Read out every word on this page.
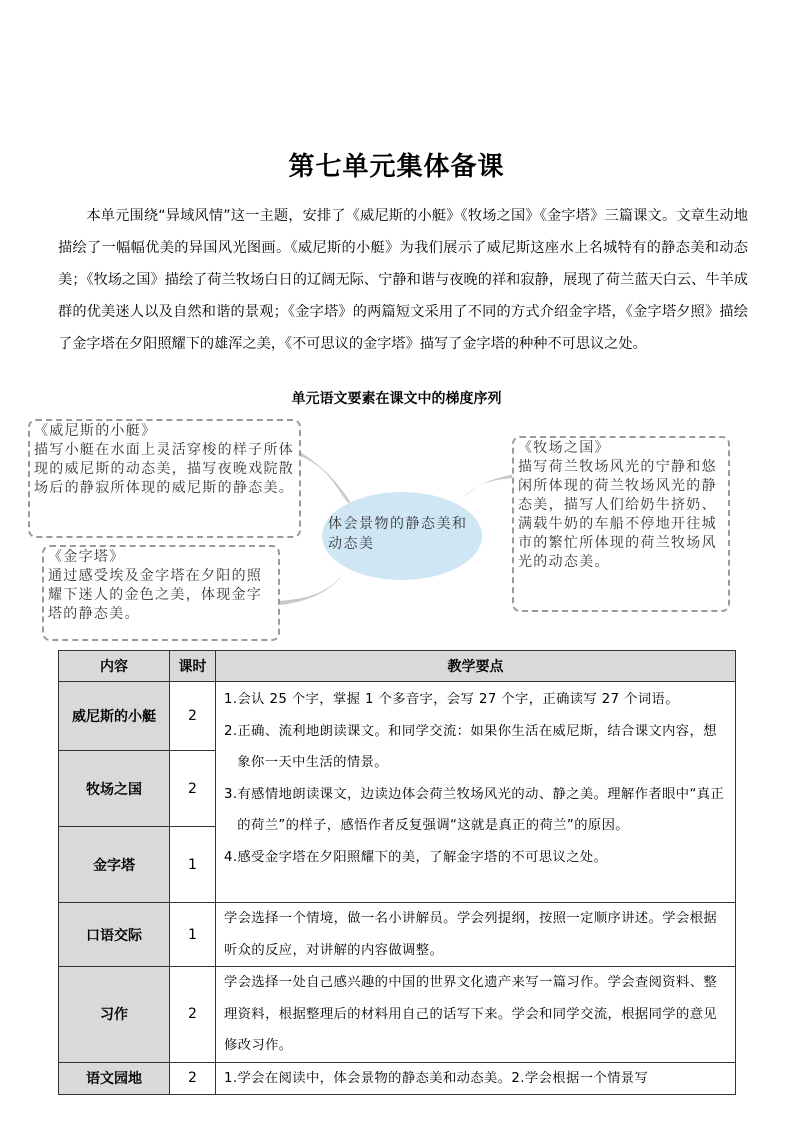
第七单元集体备课
本单元围绕“异域风情”这一主题，安排了《威尼斯的小艇》《牧场之国》《金字塔》三篇课文。文章生动地描绘了一幅幅优美的异国风光图画。《威尼斯的小艇》为我们展示了威尼斯这座水上名城特有的静态美和动态美；《牧场之国》描绘了荷兰牧场白日的辽阔无际、宁静和谐与夜晚的祥和寂静，展现了荷兰蓝天白云、牛羊成群的优美迷人以及自然和谐的景观；《金字塔》的两篇短文采用了不同的方式介绍金字塔，《金字塔夕照》描绘了金字塔在夕阳照耀下的雄浑之美，《不可思议的金字塔》描写了金字塔的种种不可思议之处。
单元语文要素在课文中的梯度序列
《威尼斯的小艇》
描写小艇在水面上灵活穿梭的样子所体现的威尼斯的动态美，描写夜晚戏院散场后的静寂所体现的威尼斯的静态美。
《牧场之国》
描写荷兰牧场风光的宁静和悠闲所体现的荷兰牧场风光的静态美，描写人们给奶牛挤奶、满载牛奶的车船不停地开往城市的繁忙所体现的荷兰牧场风光的动态美。
《金字塔》
通过感受埃及金字塔在夕阳的照耀下迷人的金色之美，体现金字塔的静态美。
体会景物的静态美和动态美
内容	课时	教学要点
威尼斯的小艇	2	1.会认 25 个字，掌握 1 个多音字，会写 27 个字，正确读写 27 个词语。
2.正确、流利地朗读课文。和同学交流：如果你生活在威尼斯，结合课文内容，想象你一天中生活的情景。
3.有感情地朗读课文，边读边体会荷兰牧场风光的动、静之美。理解作者眼中“真正的荷兰”的样子，感悟作者反复强调“这就是真正的荷兰”的原因。
4.感受金字塔在夕阳照耀下的美，了解金字塔的不可思议之处。

牧场之国	2	
金字塔	1	
口语交际	1	学会选择一个情境，做一名小讲解员。学会列提纲，按照一定顺序讲述。学会根据听众的反应，对讲解的内容做调整。
习作	2	学会选择一处自己感兴趣的中国的世界文化遗产来写一篇习作。学会查阅资料、整理资料，根据整理后的材料用自己的话写下来。学会和同学交流，根据同学的意见修改习作。
语文园地	2	1.学会在阅读中，体会景物的静态美和动态美。2.学会根据一个情景写
